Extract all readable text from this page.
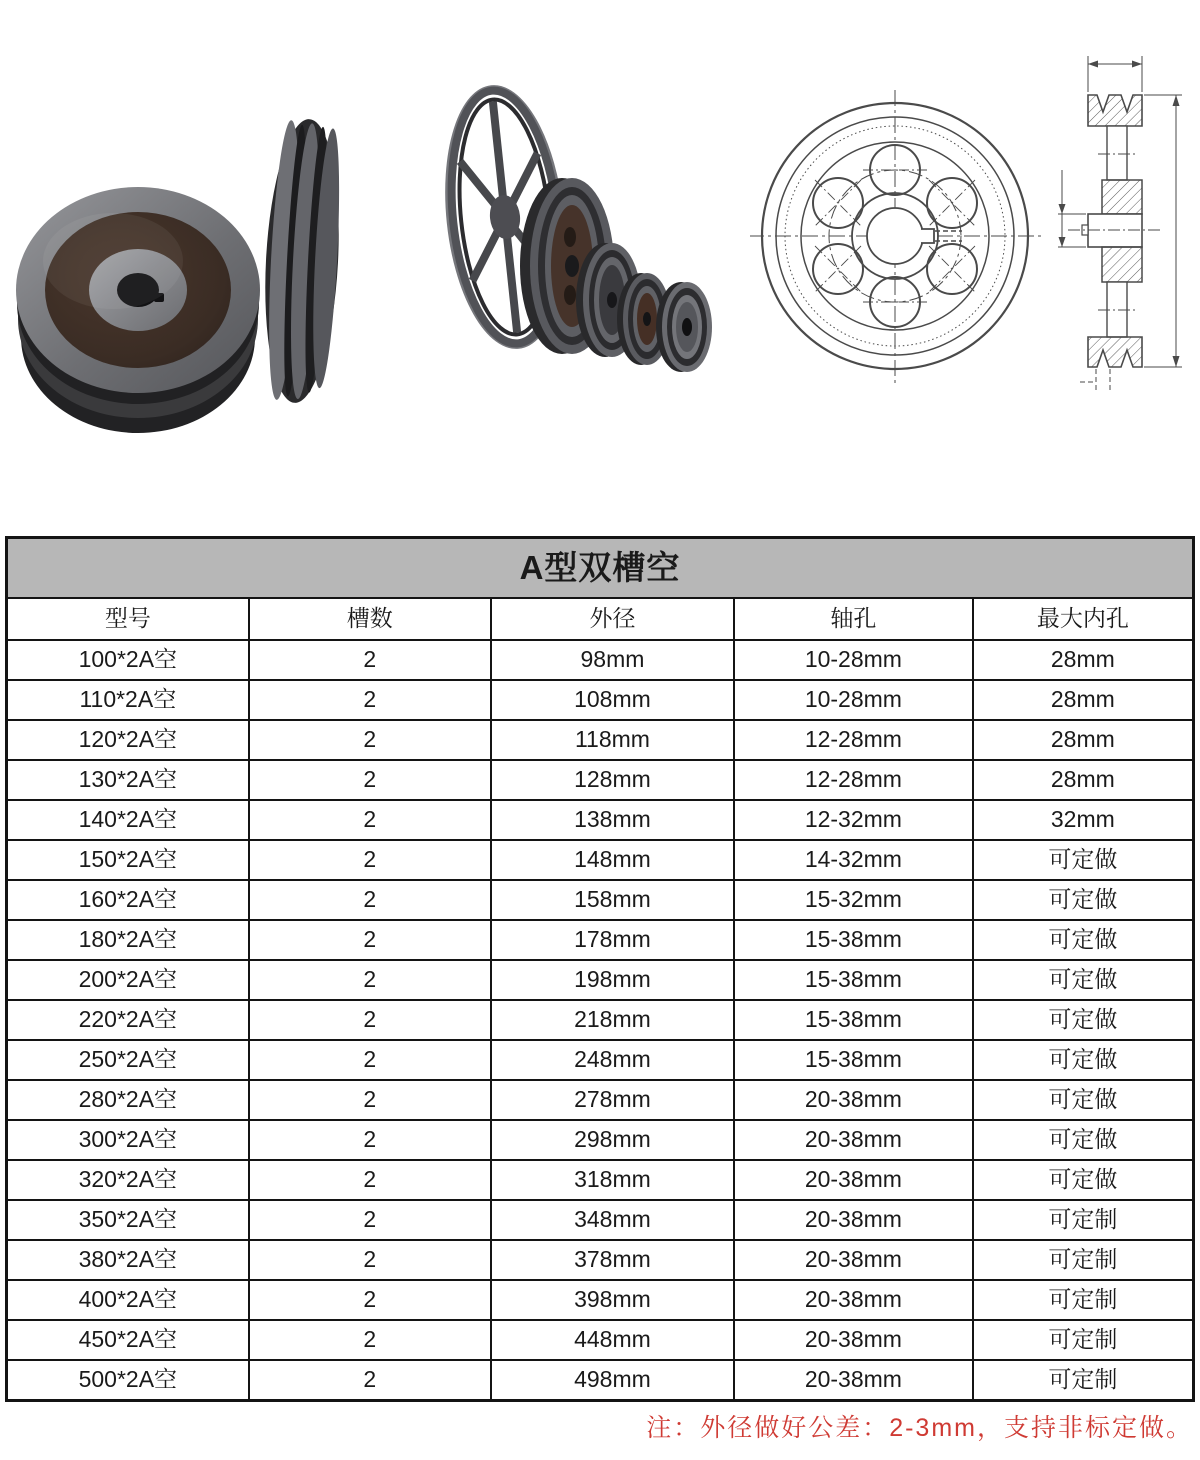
A型双槽空				
型号	槽数	外径	轴孔	最大内孔
100*2A空	2	98mm	10-28mm	28mm
110*2A空	2	108mm	10-28mm	28mm
120*2A空	2	118mm	12-28mm	28mm
130*2A空	2	128mm	12-28mm	28mm
140*2A空	2	138mm	12-32mm	32mm
150*2A空	2	148mm	14-32mm	可定做
160*2A空	2	158mm	15-32mm	可定做
180*2A空	2	178mm	15-38mm	可定做
200*2A空	2	198mm	15-38mm	可定做
220*2A空	2	218mm	15-38mm	可定做
250*2A空	2	248mm	15-38mm	可定做
280*2A空	2	278mm	20-38mm	可定做
300*2A空	2	298mm	20-38mm	可定做
320*2A空	2	318mm	20-38mm	可定做
350*2A空	2	348mm	20-38mm	可定制
380*2A空	2	378mm	20-38mm	可定制
400*2A空	2	398mm	20-38mm	可定制
450*2A空	2	448mm	20-38mm	可定制
500*2A空	2	498mm	20-38mm	可定制
注：外径做好公差：2-3mm，支持非标定做。
